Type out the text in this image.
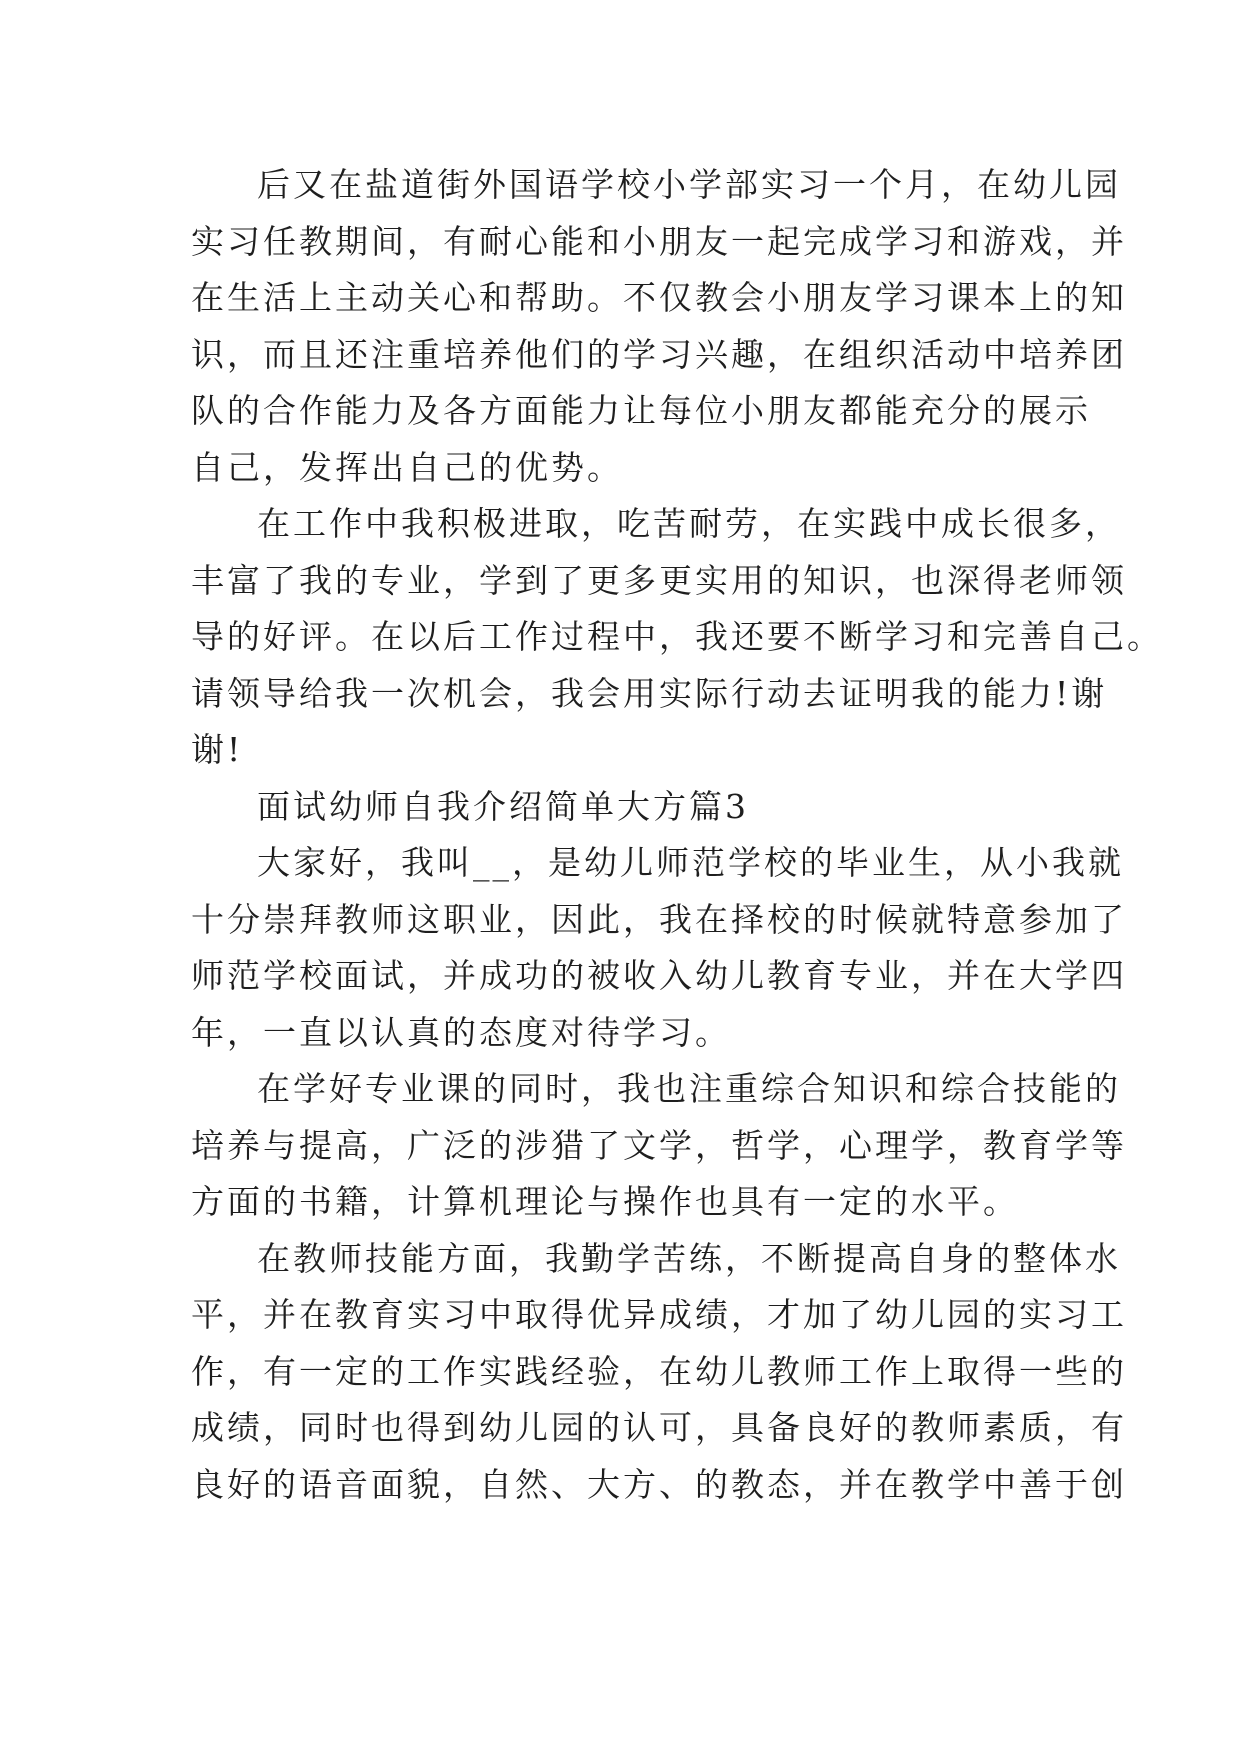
后又在盐道街外国语学校小学部实习一个月，在幼儿园
实习任教期间，有耐心能和小朋友一起完成学习和游戏，并
在生活上主动关心和帮助。不仅教会小朋友学习课本上的知
识，而且还注重培养他们的学习兴趣，在组织活动中培养团
队的合作能力及各方面能力让每位小朋友都能充分的展示
自己，发挥出自己的优势。
在工作中我积极进取，吃苦耐劳，在实践中成长很多，
丰富了我的专业，学到了更多更实用的知识，也深得老师领
导的好评。在以后工作过程中，我还要不断学习和完善自己。
请领导给我一次机会，我会用实际行动去证明我的能力!谢
谢!
面试幼师自我介绍简单大方篇3
大家好，我叫__，是幼儿师范学校的毕业生，从小我就
十分崇拜教师这职业，因此，我在择校的时候就特意参加了
师范学校面试，并成功的被收入幼儿教育专业，并在大学四
年，一直以认真的态度对待学习。
在学好专业课的同时，我也注重综合知识和综合技能的
培养与提高，广泛的涉猎了文学，哲学，心理学，教育学等
方面的书籍，计算机理论与操作也具有一定的水平。
在教师技能方面，我勤学苦练，不断提高自身的整体水
平，并在教育实习中取得优异成绩，才加了幼儿园的实习工
作，有一定的工作实践经验，在幼儿教师工作上取得一些的
成绩，同时也得到幼儿园的认可，具备良好的教师素质，有
良好的语音面貌，自然、大方、的教态，并在教学中善于创
